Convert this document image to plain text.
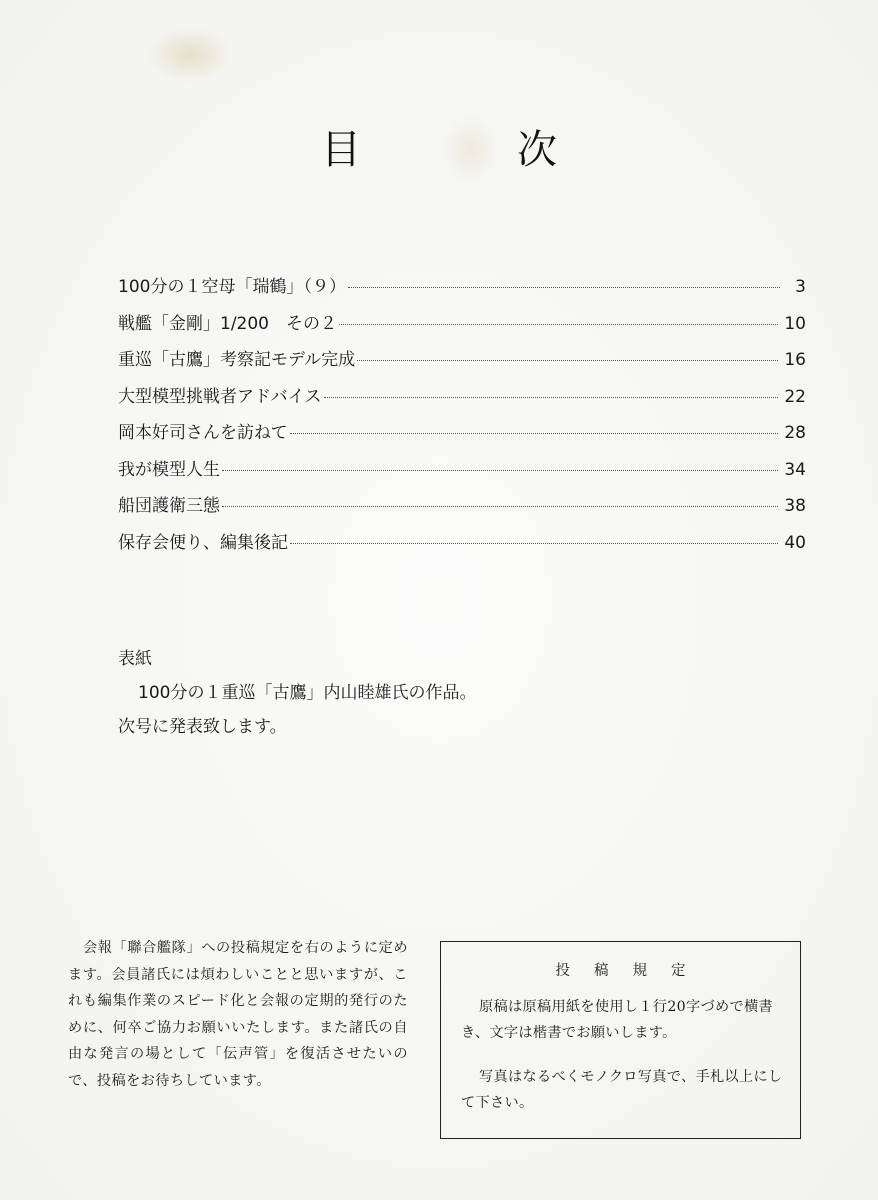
目　次
100分の１空母「瑞鶴」（９）	3
戦艦「金剛」1/200　その２	10
重巡「古鷹」考察記モデル完成	16
大型模型挑戦者アドバイス	22
岡本好司さんを訪ねて	28
我が模型人生	34
船団護衛三態	38
保存会便り、編集後記	40
表紙
100分の１重巡「古鷹」内山睦雄氏の作品。
次号に発表致します。
会報「聯合艦隊」への投稿規定を右のように定めます。会員諸氏には煩わしいことと思いますが、これも編集作業のスピード化と会報の定期的発行のために、何卒ご協力お願いいたします。また諸氏の自由な発言の場として「伝声管」を復活させたいので、投稿をお待ちしています。
投稿規定
原稿は原稿用紙を使用し１行20字づめで横書き、文字は楷書でお願いします。
写真はなるべくモノクロ写真で、手札以上にして下さい。
